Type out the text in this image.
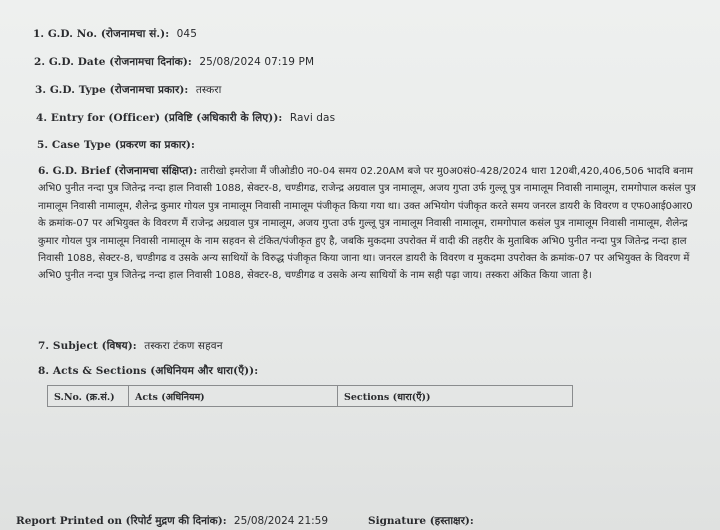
1. G.D. No. (रोजनामचा सं.): 045
2. G.D. Date (रोजनामचा दिनांक): 25/08/2024 07:19 PM
3. G.D. Type (रोजनामचा प्रकार): तस्करा
4. Entry for (Officer) (प्रविष्टि (अधिकारी के लिए)): Ravi das
5. Case Type (प्रकरण का प्रकार):
6. G.D. Brief (रोजनामचा संक्षिप्त): तारीखो इमरोजा मैं जीओडी0 न0-04 समय 02.20AM बजे पर मु0अ0सं0-428/2024 धारा 120बी,420,406,506 भादवि बनाम अभि0 पुनीत नन्दा पुत्र जितेन्द्र नन्दा हाल निवासी 1088, सेक्टर-8, चण्डीगढ, राजेन्द्र अग्रवाल पुत्र नामालूम, अजय गुप्ता उर्फ गुल्लू पुत्र नामालूम निवासी नामालूम, रामगोपाल कसंल पुत्र नामालूम निवासी नामालूम, शैलेन्द्र कुमार गोयल पुत्र नामालूम निवासी नामालूम पंजीकृत किया गया था। उक्त अभियोग पंजीकृत करते समय जनरल डायरी के विवरण व एफ0आई0आर0 के क्रमांक-07 पर अभियुक्त के विवरण मैं राजेन्द्र अग्रवाल पुत्र नामालूम, अजय गुप्ता उर्फ गुल्लू पुत्र नामालूम निवासी नामालूम, रामगोपाल कसंल पुत्र नामालूम निवासी नामालूम, शैलेन्द्र कुमार गोयल पुत्र नामालूम निवासी नामालूम के नाम सहवन से टंकित/पंजीकृत हुए है, जबकि मुकदमा उपरोक्त में वादी की तहरीर के मुताबिक अभि0 पुनीत नन्दा पुत्र जितेन्द्र नन्दा हाल निवासी 1088, सेक्टर-8, चण्डीगढ व उसके अन्य साथियों के विरुद्ध पंजीकृत किया जाना था। जनरल डायरी के विवरण व मुकदमा उपरोक्त के क्रमांक-07 पर अभियुक्त के विवरण में अभि0 पुनीत नन्दा पुत्र जितेन्द्र नन्दा हाल निवासी 1088, सेक्टर-8, चण्डीगढ व उसके अन्य साथियों के नाम सही पढ़ा जाय। तस्करा अंकित किया जाता है।
7. Subject (विषय): तस्करा टंकण सहवन
8. Acts & Sections (अधिनियम और धारा(एँ)):
S.No. (क्र.सं.)	Acts (अधिनियम)	Sections (धारा(एँ))
Report Printed on (रिपोर्ट मुद्रण की दिनांक): 25/08/2024 21:59	Signature (हस्ताक्षर):
